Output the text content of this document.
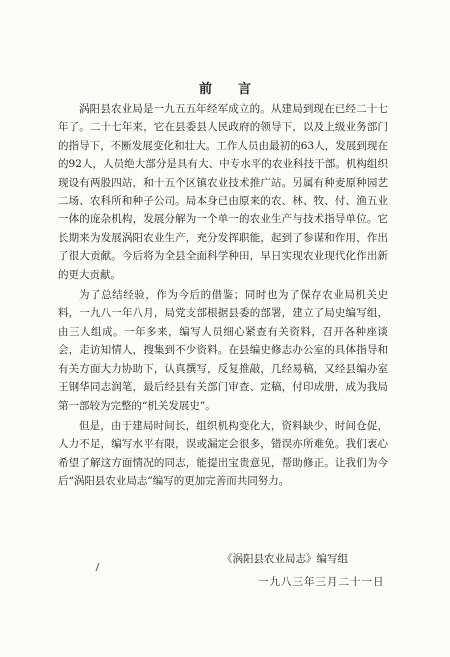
前言

涡阳县农业局是一九五五年经军成立的。从建局到现在已经二十七年了。二十七年来，它在县委县人民政府的领导下，以及上级业务部门的指导下，不断发展变化和壮大。工作人员由最初的63人，发展到现在的92人，人员绝大部分是具有大、中专水平的农业科技干部。机构组织现设有两股四站，和十五个区镇农业技术推广站。另属有种麦原种园艺二场、农科所和种子公司。局本身已由原来的农、林、牧、付、渔五业一体的庞杂机构，发展分解为一个单一的农业生产与技术指导单位。它长期来为发展涡阳农业生产，充分发挥职能，起到了参谋和作用，作出了很大贡献。今后将为全县全面科学种田，早日实现农业现代化作出新的更大贡献。

为了总结经验，作为今后的借鉴；同时也为了保存农业局机关史料，一九八一年八月，局党支部根据县委的部署，建立了局史编写组，由三人组成。一年多来，编写人员细心紧查有关资料，召开各种座谈会，走访知情人，搜集到不少资料。在县编史修志办公室的具体指导和有关方面大力协助下，认真撰写，反复推敲，几经易稿，又经县编办室王钢华同志润笔，最后经县有关部门审查、定稿，付印成册，成为我局第一部较为完整的“机关发展史”。

但是，由于建局时间长，组织机构变化大，资料缺少，时间仓促，人力不足，编写水平有限，误或漏定会很多，错误亦所难免。我们衷心希望了解这方面情况的同志，能提出宝贵意见，帮助修正。让我们为今后“涡阳县农业局志”编写的更加完善而共同努力。

《涡阳县农业局志》编写组
一九八三年三月二十一日
